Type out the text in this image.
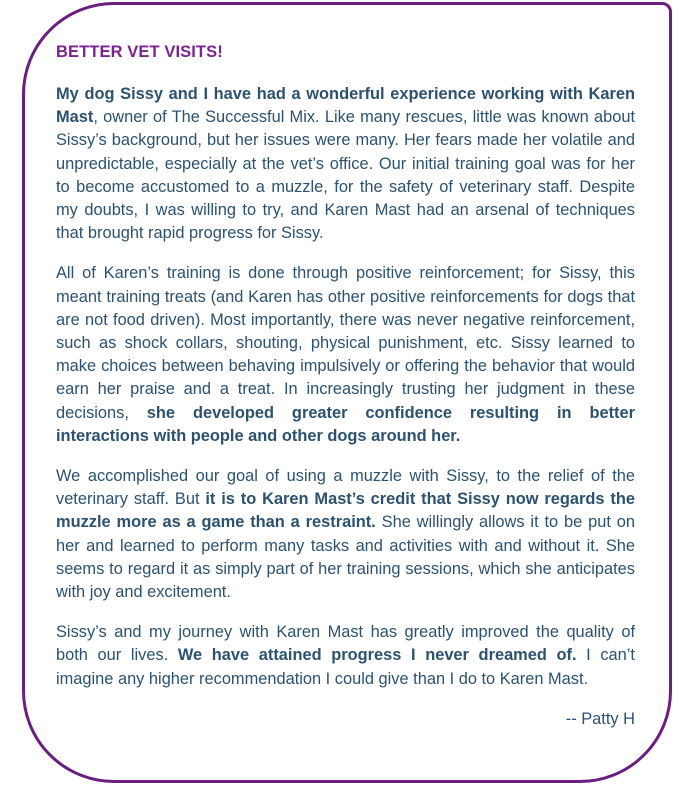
BETTER VET VISITS!

My dog Sissy and I have had a wonderful experience working with Karen Mast, owner of The Successful Mix. Like many rescues, little was known about Sissy’s background, but her issues were many. Her fears made her volatile and unpredictable, especially at the vet’s office. Our initial training goal was for her to become accustomed to a muzzle, for the safety of veterinary staff. Despite my doubts, I was willing to try, and Karen Mast had an arsenal of techniques that brought rapid progress for Sissy.

All of Karen’s training is done through positive reinforcement; for Sissy, this meant training treats (and Karen has other positive reinforcements for dogs that are not food driven). Most importantly, there was never negative reinforcement, such as shock collars, shouting, physical punishment, etc. Sissy learned to make choices between behaving impulsively or offering the behavior that would earn her praise and a treat. In increasingly trusting her judgment in these decisions, she developed greater confidence resulting in better interactions with people and other dogs around her.

We accomplished our goal of using a muzzle with Sissy, to the relief of the veterinary staff. But it is to Karen Mast’s credit that Sissy now regards the muzzle more as a game than a restraint. She willingly allows it to be put on her and learned to perform many tasks and activities with and without it. She seems to regard it as simply part of her training sessions, which she anticipates with joy and excitement.

Sissy’s and my journey with Karen Mast has greatly improved the quality of both our lives. We have attained progress I never dreamed of. I can’t imagine any higher recommendation I could give than I do to Karen Mast.

-- Patty H
